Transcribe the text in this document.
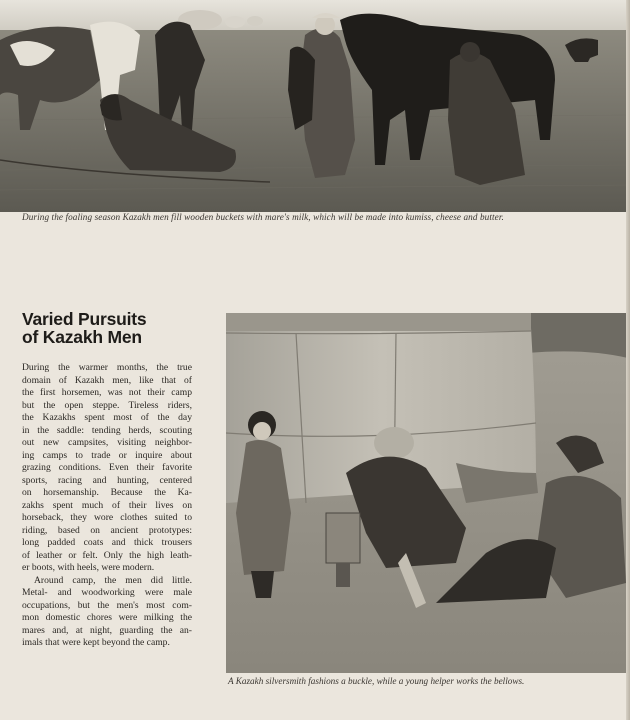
During the foaling season Kazakh men fill wooden buckets with mare's milk, which will be made into kumiss, cheese and butter.
Varied Pursuits
of Kazakh Men

During the warmer months, the true

domain of Kazakh men, like that of

the first horsemen, was not their camp

but the open steppe. Tireless riders,

the Kazakhs spent most of the day

in the saddle: tending herds, scouting

out new campsites, visiting neighbor-

ing camps to trade or inquire about

grazing conditions. Even their favorite

sports, racing and hunting, centered

on horsemanship. Because the Ka-

zakhs spent much of their lives on

horseback, they wore clothes suited to

riding, based on ancient prototypes:

long padded coats and thick trousers

of leather or felt. Only the high leath-

er boots, with heels, were modern.

Around camp, the men did little.

Metal- and woodworking were male

occupations, but the men's most com-

mon domestic chores were milking the

mares and, at night, guarding the an-

imals that were kept beyond the camp.

A Kazakh silversmith fashions a buckle, while a young helper works the bellows.
